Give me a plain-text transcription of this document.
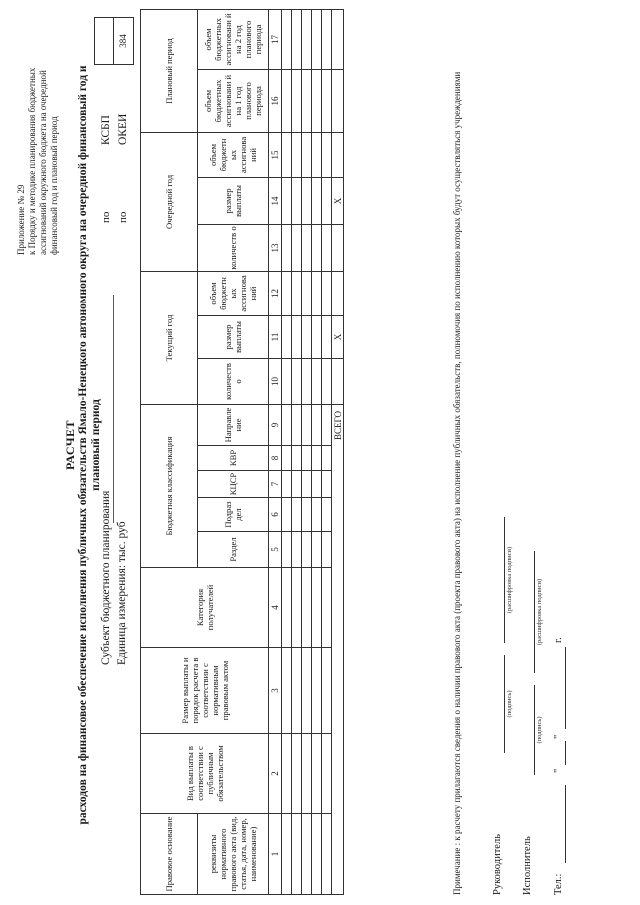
Приложение № 29 к Порядку и методике планирования бюджетных ассигнований окружного бюджета на очередной финансовый год и плановый период
РАСЧЕТ расходов на финансовое обеспечение исполнения публичных обязательств Ямало-Ненецкого автономного округа на очередной финансовый год и плановый период
Субъект бюджетного планирования Единица измерения: тыс. руб
по
КСБП
по
ОКЕИ
384
Правовое основание	Вид выплаты в соответствии с публичным обязательством	Размер выплаты и порядок расчета в соответствии с нормативным правовым актом	Категория получателей	Бюджетная классификация					Текущий год			Очередной год			Плановый период	
реквизиты нормативного правового акта (вид, статья, дата, номер, наименование)				Раздел	Подраз дел	КЦСР	КВР	Направле ние	количеств о	размер выплаты	объем бюджетн ых ассигнова ний	количеств о	размер выплаты	объем бюджетн ых ассигнова ний	объем бюджетных ассигновани й на 1 год планового периода	объем бюджетных ассигновани й на 2 год планового периода
1	2	3	4	5	6	7	8	9	10	11	12	13	14	15	16	17

ВСЕГО										X			X				Примечание : к расчету прилагаются сведения о наличии правового акта (проекта правового акта) на исполнение публичных обязательств, полномочия по исполнению которых будут осуществляться учреждениями	Руководитель
(подпись)
(расшифровка подписи)
Исполнитель
(подпись)
(расшифровка подписи)
Тел.:
"
"
г.
